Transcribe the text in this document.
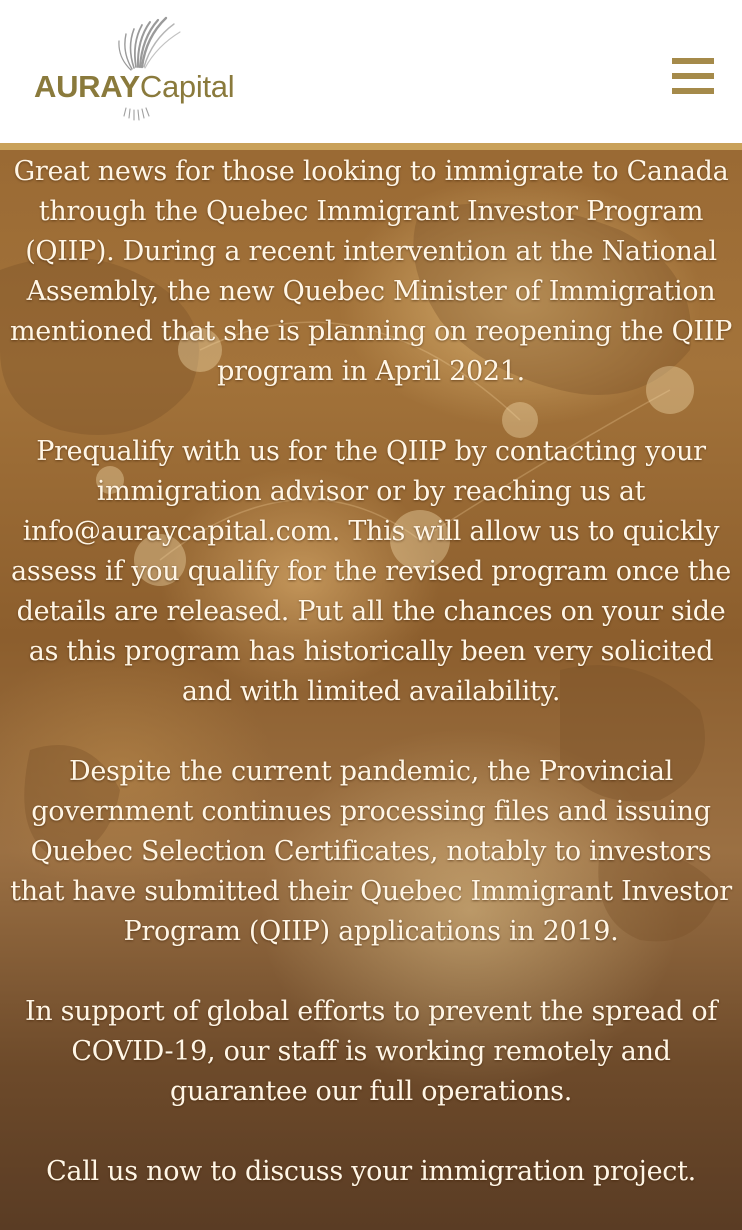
AURAYCapital

Great news for those looking to immigrate to Canada through the Quebec Immigrant Investor Program (QIIP). During a recent intervention at the National Assembly, the new Quebec Minister of Immigration mentioned that she is planning on reopening the QIIP program in April 2021.

Prequalify with us for the QIIP by contacting your immigration advisor or by reaching us at info@auraycapital.com. This will allow us to quickly assess if you qualify for the revised program once the details are released. Put all the chances on your side as this program has historically been very solicited and with limited availability.

Despite the current pandemic, the Provincial government continues processing files and issuing Quebec Selection Certificates, notably to investors that have submitted their Quebec Immigrant Investor Program (QIIP) applications in 2019.

In support of global efforts to prevent the spread of COVID-19, our staff is working remotely and guarantee our full operations.

Call us now to discuss your immigration project.
